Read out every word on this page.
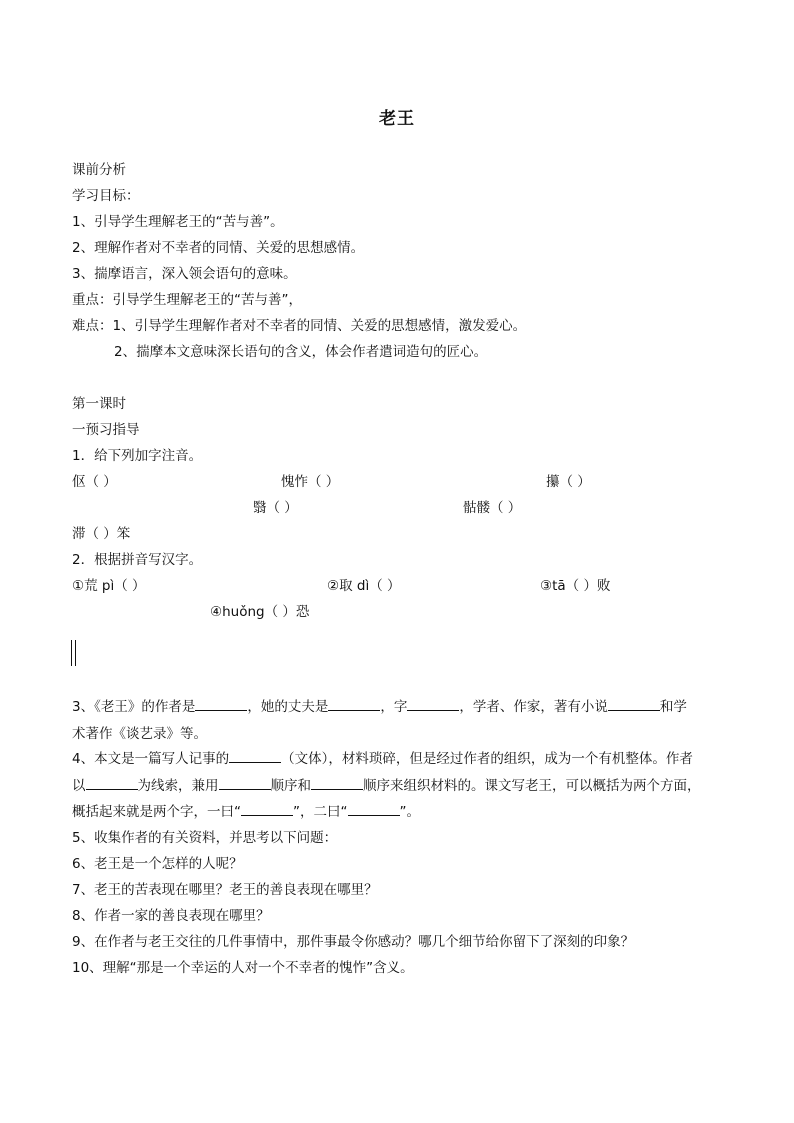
老王
课前分析
学习目标：
1、引导学生理解老王的“苦与善”。
2、理解作者对不幸者的同情、关爱的思想感情。
3、揣摩语言，深入领会语句的意味。
重点：引导学生理解老王的“苦与善”，
难点：1、引导学生理解作者对不幸者的同情、关爱的思想感情，激发爱心。
2、揣摩本文意味深长语句的含义，体会作者遣词造句的匠心。
第一课时
一预习指导
1．给下列加字注音。
伛（ ）	愧怍（ ）	攥（ ）
翳（ ）	骷髅（ ）
滞（ ）笨
2．根据拼音写汉字。
①荒 pì（ ）	②取 dì（ ）	③tā（ ）败
④huǒng（ ）恐
3、《老王》的作者是	，她的丈夫是	，字	，学者、作家，著有小说	和学
术著作《谈艺录》等。
4、本文是一篇写人记事的	（文体），材料琐碎，但是经过作者的组织，成为一个有机整体。作者
以	为线索，兼用	顺序和	顺序来组织材料的。课文写老王，可以概括为两个方面，
概括起来就是两个字，一曰“	”，二曰“	”。
5、收集作者的有关资料，并思考以下问题：
6、老王是一个怎样的人呢？
7、老王的苦表现在哪里？老王的善良表现在哪里？
8、作者一家的善良表现在哪里？
9、在作者与老王交往的几件事情中，那件事最令你感动？哪几个细节给你留下了深刻的印象？
10、理解“那是一个幸运的人对一个不幸者的愧怍”含义。
